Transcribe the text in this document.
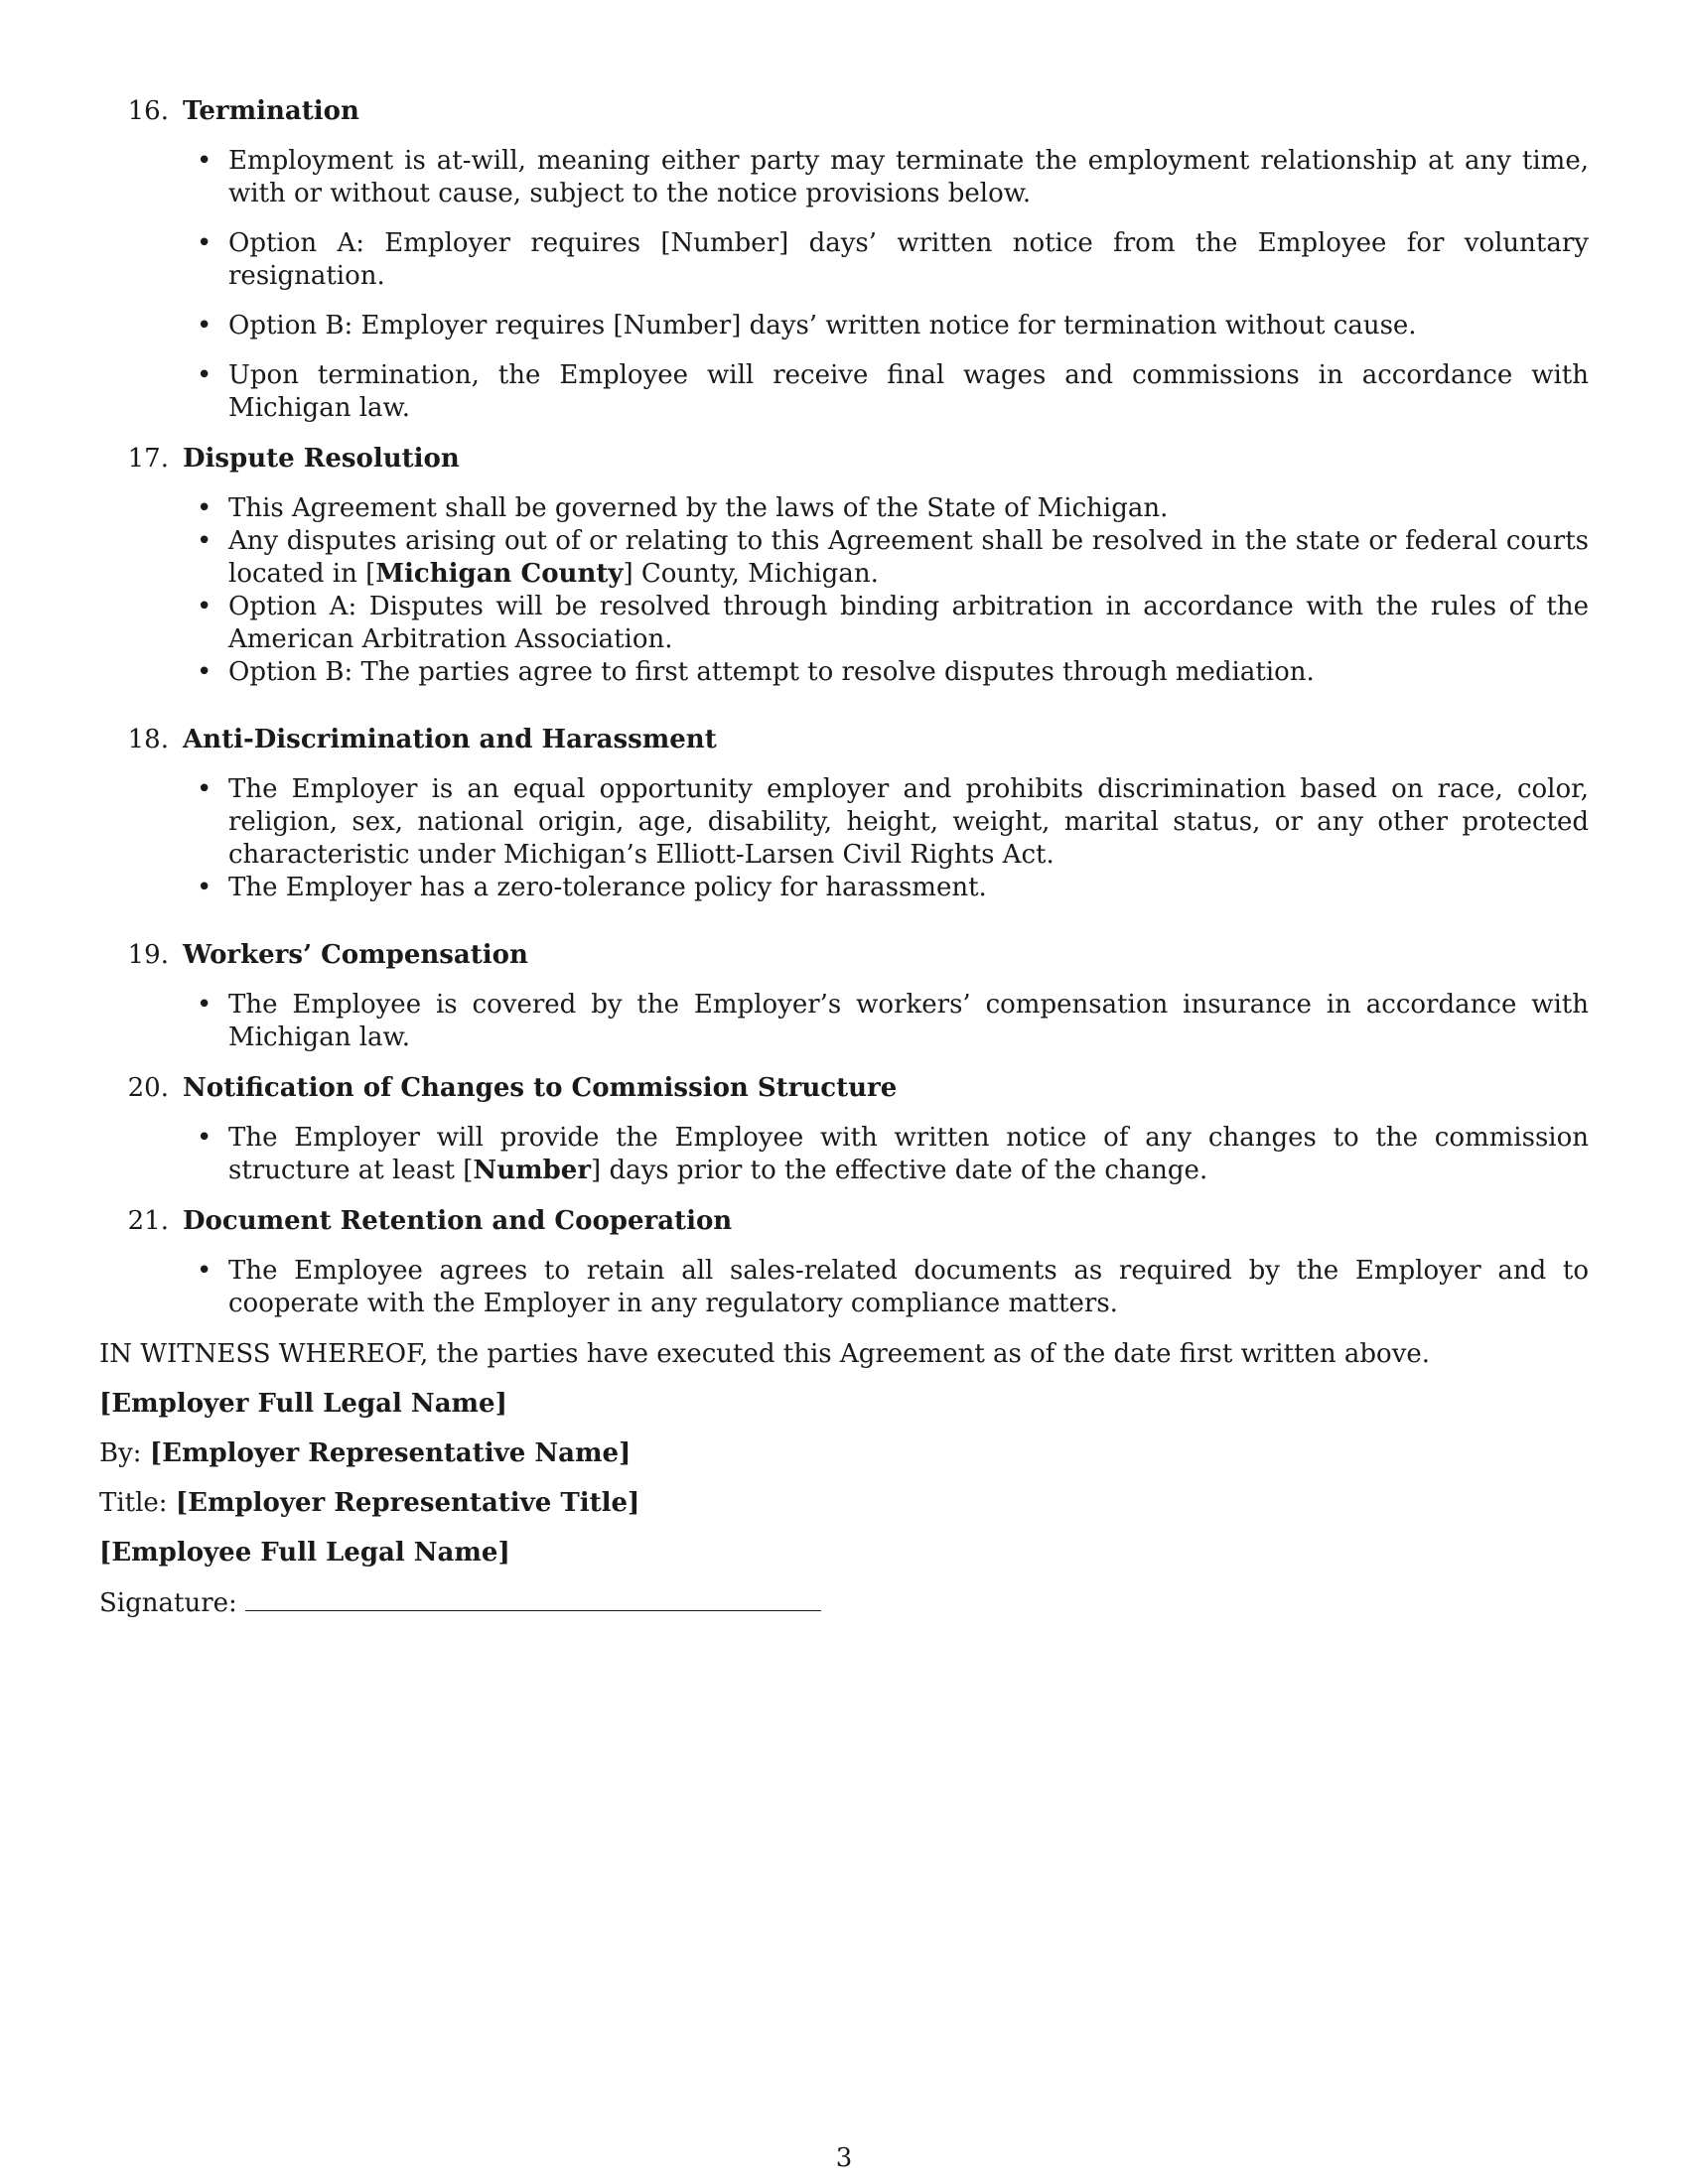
16. Termination
• Employment is at-will, meaning either party may terminate the employment relationship at any time, with or without cause, subject to the notice provisions below.
• Option A: Employer requires [Number] days’ written notice from the Employee for voluntary resignation.
• Option B: Employer requires [Number] days’ written notice for termination without cause.
• Upon termination, the Employee will receive final wages and commissions in accordance with Michigan law.
17. Dispute Resolution
• This Agreement shall be governed by the laws of the State of Michigan.
• Any disputes arising out of or relating to this Agreement shall be resolved in the state or federal courts located in [Michigan County] County, Michigan.
• Option A: Disputes will be resolved through binding arbitration in accordance with the rules of the American Arbitration Association.
• Option B: The parties agree to first attempt to resolve disputes through mediation.
18. Anti-Discrimination and Harassment
• The Employer is an equal opportunity employer and prohibits discrimination based on race, color, religion, sex, national origin, age, disability, height, weight, marital status, or any other protected characteristic under Michigan’s Elliott-Larsen Civil Rights Act.
• The Employer has a zero-tolerance policy for harassment.
19. Workers’ Compensation
• The Employee is covered by the Employer’s workers’ compensation insurance in accordance with Michigan law.
20. Notification of Changes to Commission Structure
• The Employer will provide the Employee with written notice of any changes to the commission structure at least [Number] days prior to the effective date of the change.
21. Document Retention and Cooperation
• The Employee agrees to retain all sales-related documents as required by the Employer and to cooperate with the Employer in any regulatory compliance matters.

IN WITNESS WHEREOF, the parties have executed this Agreement as of the date first written above.

[Employer Full Legal Name]

By: [Employer Representative Name]

Title: [Employer Representative Title]

[Employee Full Legal Name]

Signature:

3
